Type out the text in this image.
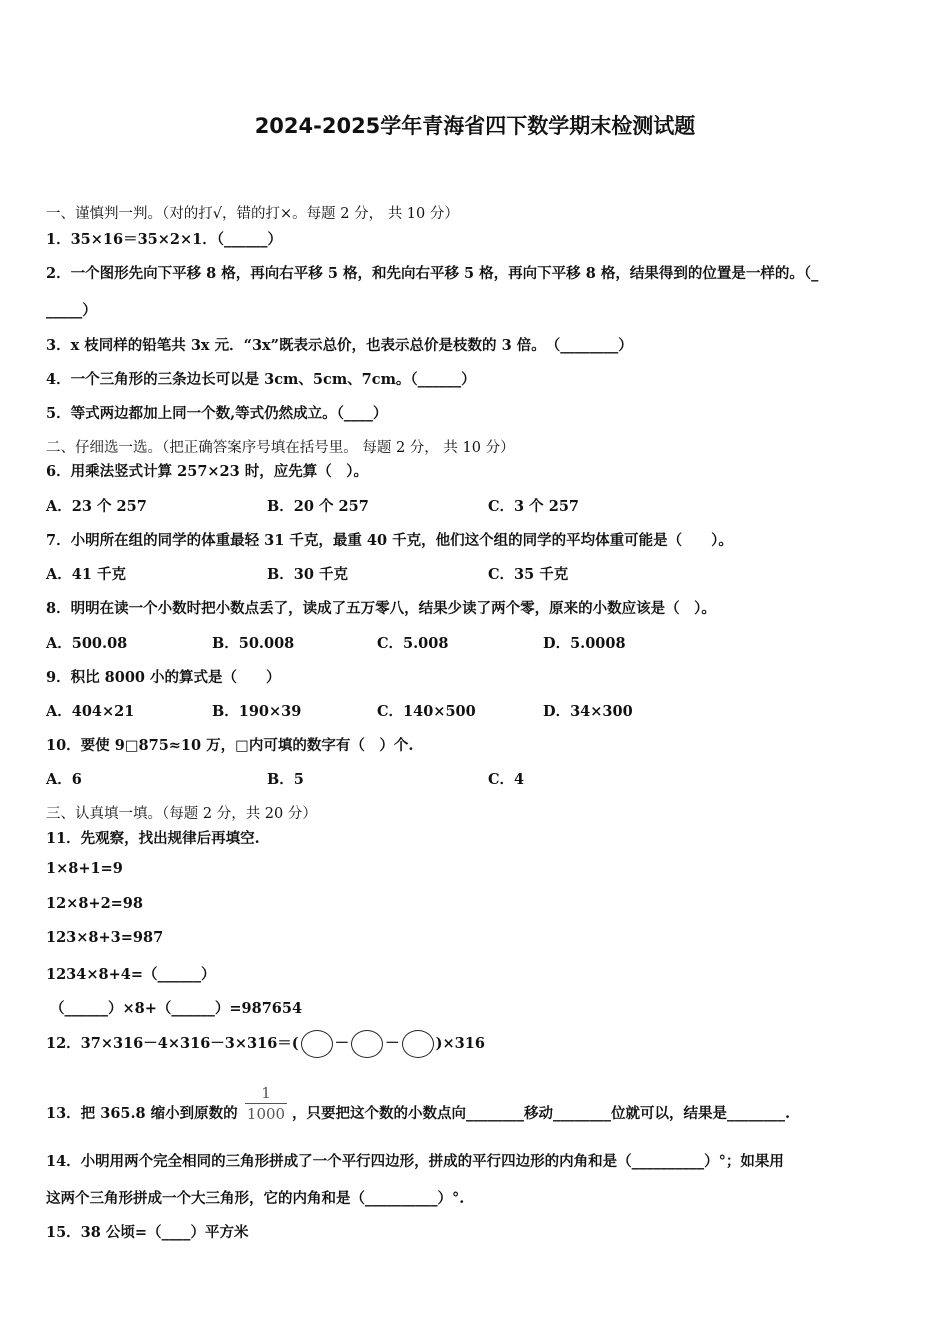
2024-2025学年青海省四下数学期末检测试题
一、谨慎判一判。（对的打√，错的打×。每题 2 分， 共 10 分）
1．35×16＝35×2×1．（______）
2．一个图形先向下平移 8 格，再向右平移 5 格，和先向右平移 5 格，再向下平移 8 格，结果得到的位置是一样的。（_
_____）
3．x 枝同样的铅笔共 3x 元．“3x”既表示总价，也表示总价是枝数的 3 倍。　（________）
4．一个三角形的三条边长可以是 3cm、5cm、7cm。（______）
5．等式两边都加上同一个数,等式仍然成立。（____）
二、仔细选一选。（把正确答案序号填在括号里。 每题 2 分， 共 10 分）
6．用乘法竖式计算 257×23 时，应先算（　）。
A．23 个 257	B．20 个 257	C．3 个 257
7．小明所在组的同学的体重最轻 31 千克，最重 40 千克，他们这个组的同学的平均体重可能是（　　）。
A．41 千克	B．30 千克	C．35 千克
8．明明在读一个小数时把小数点丢了，读成了五万零八，结果少读了两个零，原来的小数应该是（　）。
A．500.08	B．50.008	C．5.008	D．5.0008
9．积比 8000 小的算式是（　　）
A．404×21	B．190×39	C．140×500	D．34×300
10．要使 9□875≈10 万，□内可填的数字有（　）个.
A．6	B．5	C．4
三、认真填一填。（每题 2 分，共 20 分）
11．先观察，找出规律后再填空.
1×8+1=9
12×8+2=98
123×8+3=987
1234×8+4=（______）
（______）×8+（______）=987654
12．37×316－4×316－3×316＝( － － )×316
13．把 365.8 缩小到原数的
1
1000 ，只要把这个数的小数点向________移动________位就可以，结果是________.
14．小明用两个完全相同的三角形拼成了一个平行四边形，拼成的平行四边形的内角和是（__________）°；如果用
这两个三角形拼成一个大三角形，它的内角和是（__________）°.
15．38 公顷=（____）平方米
